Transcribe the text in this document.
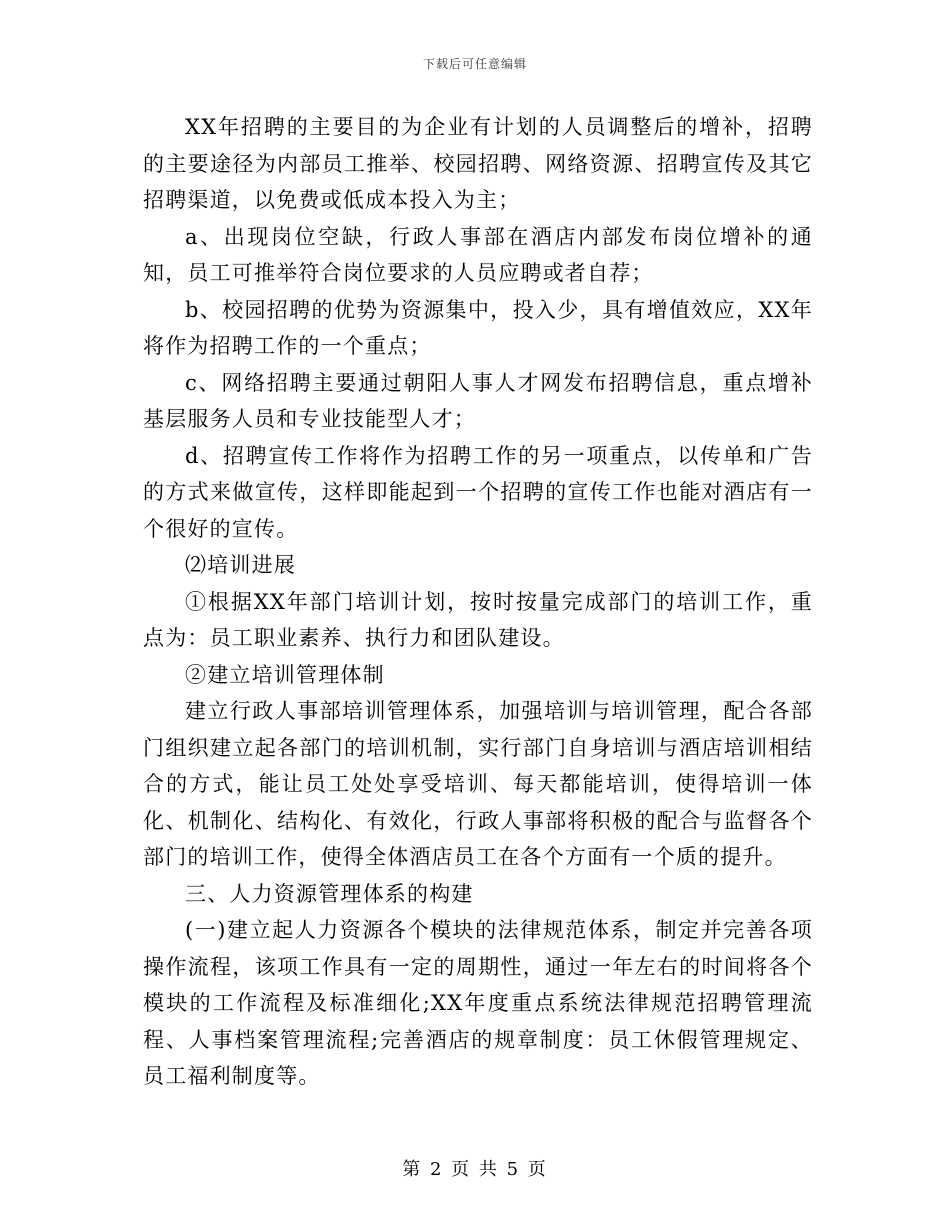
下载后可任意编辑

XX年招聘的主要目的为企业有计划的人员调整后的增补，招聘的主要途径为内部员工推举、校园招聘、网络资源、招聘宣传及其它招聘渠道，以免费或低成本投入为主；

a、出现岗位空缺，行政人事部在酒店内部发布岗位增补的通知，员工可推举符合岗位要求的人员应聘或者自荐；

b、校园招聘的优势为资源集中，投入少，具有增值效应，XX年将作为招聘工作的一个重点；

c、网络招聘主要通过朝阳人事人才网发布招聘信息，重点增补基层服务人员和专业技能型人才；

d、招聘宣传工作将作为招聘工作的另一项重点，以传单和广告的方式来做宣传，这样即能起到一个招聘的宣传工作也能对酒店有一个很好的宣传。

⑵培训进展

①根据XX年部门培训计划，按时按量完成部门的培训工作，重点为：员工职业素养、执行力和团队建设。

②建立培训管理体制

建立行政人事部培训管理体系，加强培训与培训管理，配合各部门组织建立起各部门的培训机制，实行部门自身培训与酒店培训相结合的方式，能让员工处处享受培训、每天都能培训，使得培训一体化、机制化、结构化、有效化，行政人事部将积极的配合与监督各个部门的培训工作，使得全体酒店员工在各个方面有一个质的提升。

三、人力资源管理体系的构建

(一)建立起人力资源各个模块的法律规范体系，制定并完善各项操作流程，该项工作具有一定的周期性，通过一年左右的时间将各个模块的工作流程及标准细化;XX年度重点系统法律规范招聘管理流程、人事档案管理流程;完善酒店的规章制度：员工休假管理规定、员工福利制度等。

第 2 页 共 5 页
